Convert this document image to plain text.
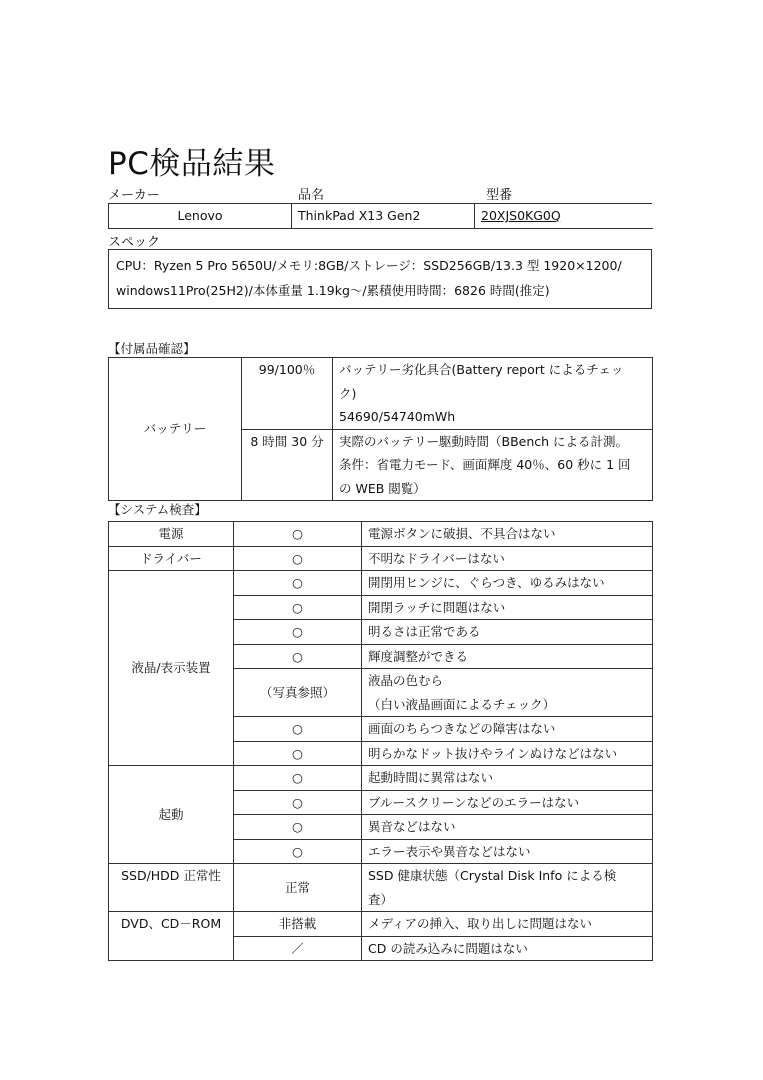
PC検品結果
メーカー	品名	型番
Lenovo	ThinkPad X13 Gen2	20XJS0KG0Q
スペック
CPU：Ryzen 5 Pro 5650U/メモリ:8GB/ストレージ：SSD256GB/13.3 型 1920×1200/
windows11Pro(25H2)/本体重量 1.19kg～/累積使用時間：6826 時間(推定)
【付属品確認】
バッテリー	99/100％	バッテリー劣化具合(Battery report によるチェッ
ク)
54690/54740mWh

	8 時間 30 分	実際のバッテリー駆動時間（BBench による計測。
条件：省電力モード、画面輝度 40％、60 秒に 1 回
の WEB 閲覧）
【システム検査】
電源	○	電源ボタンに破損、不具合はない
ドライバー	○	不明なドライバーはない
液晶/表示装置	○	開閉用ヒンジに、ぐらつき、ゆるみはない
	○	開閉ラッチに問題はない
	○	明るさは正常である
	○	輝度調整ができる
	（写真参照）	液晶の色むら
（白い液晶画面によるチェック）

	○	画面のちらつきなどの障害はない
	○	明らかなドット抜けやラインぬけなどはない
起動	○	起動時間に異常はない
	○	ブルースクリーンなどのエラーはない
	○	異音などはない
	○	エラー表示や異音などはない
SSD/HDD 正常性	正常	SSD 健康状態（Crystal Disk Info による検
査）

DVD、CD－ROM	非搭載	メディアの挿入、取り出しに問題はない
	／	CD の読み込みに問題はない
